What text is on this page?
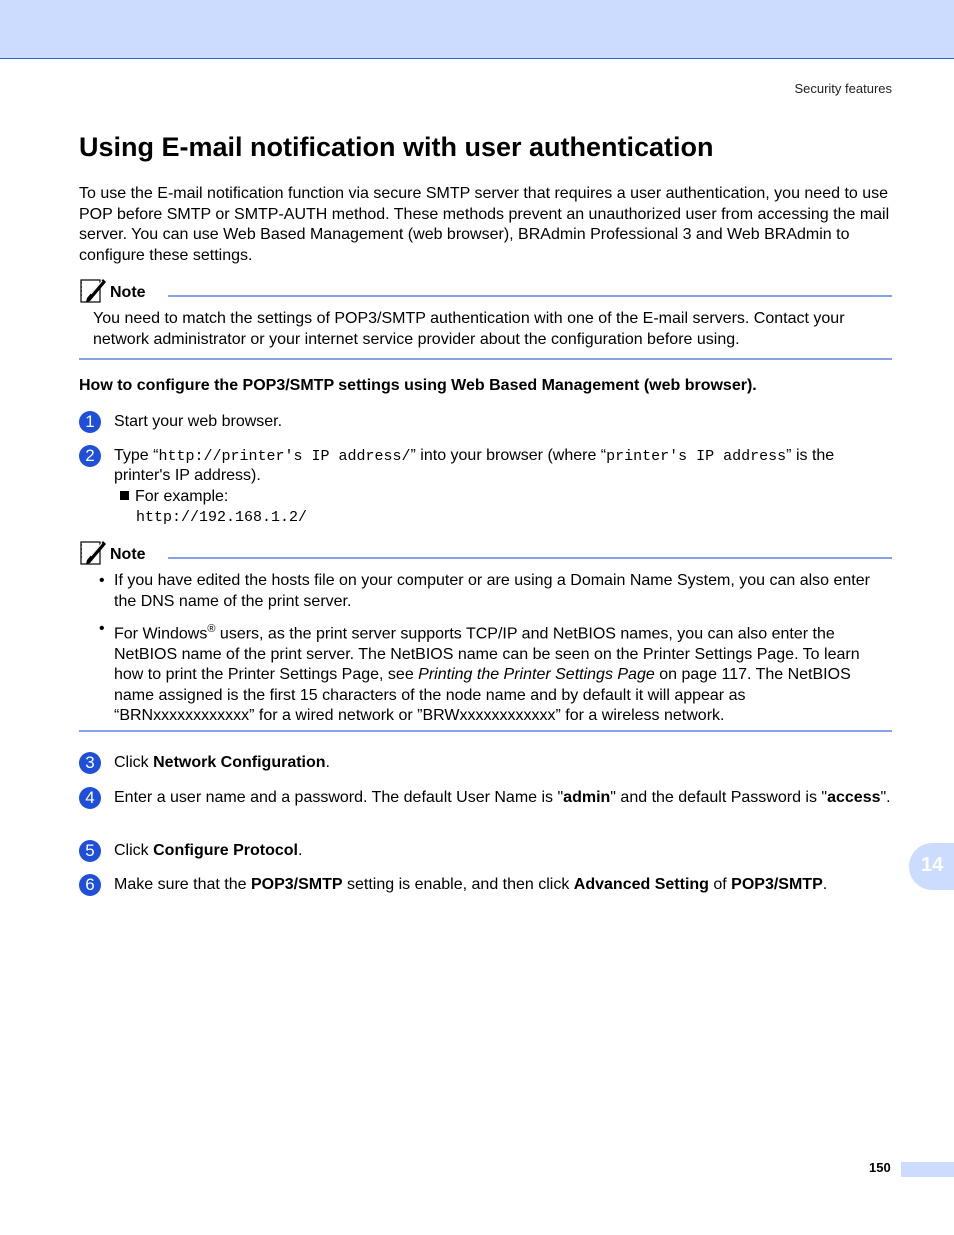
Security features
Using E-mail notification with user authentication

To use the E-mail notification function via secure SMTP server that requires a user authentication, you need to use POP before SMTP or SMTP-AUTH method. These methods prevent an unauthorized user from accessing the mail server. You can use Web Based Management (web browser), BRAdmin Professional 3 and Web BRAdmin to configure these settings.

Note

You need to match the settings of POP3/SMTP authentication with one of the E-mail servers. Contact your network administrator or your internet service provider about the configuration before using.

How to configure the POP3/SMTP settings using Web Based Management (web browser).

1	Start your web browser.
2	Type “http://printer's IP address/” into your browser (where “printer's IP address” is the printer's IP address).
For example:
http://192.168.1.2/
Note
• If you have edited the hosts file on your computer or are using a Domain Name System, you can also enter the DNS name of the print server.
• For Windows® users, as the print server supports TCP/IP and NetBIOS names, you can also enter the NetBIOS name of the print server. The NetBIOS name can be seen on the Printer Settings Page. To learn how to print the Printer Settings Page, see Printing the Printer Settings Page on page 117. The NetBIOS name assigned is the first 15 characters of the node name and by default it will appear as “BRNxxxxxxxxxxxx” for a wired network or ”BRWxxxxxxxxxxxx” for a wireless network.
3	Click Network Configuration.
4	Enter a user name and a password. The default User Name is "admin" and the default Password is "access".
5	Click Configure Protocol.
6	Make sure that the POP3/SMTP setting is enable, and then click Advanced Setting of POP3/SMTP.
14
150
